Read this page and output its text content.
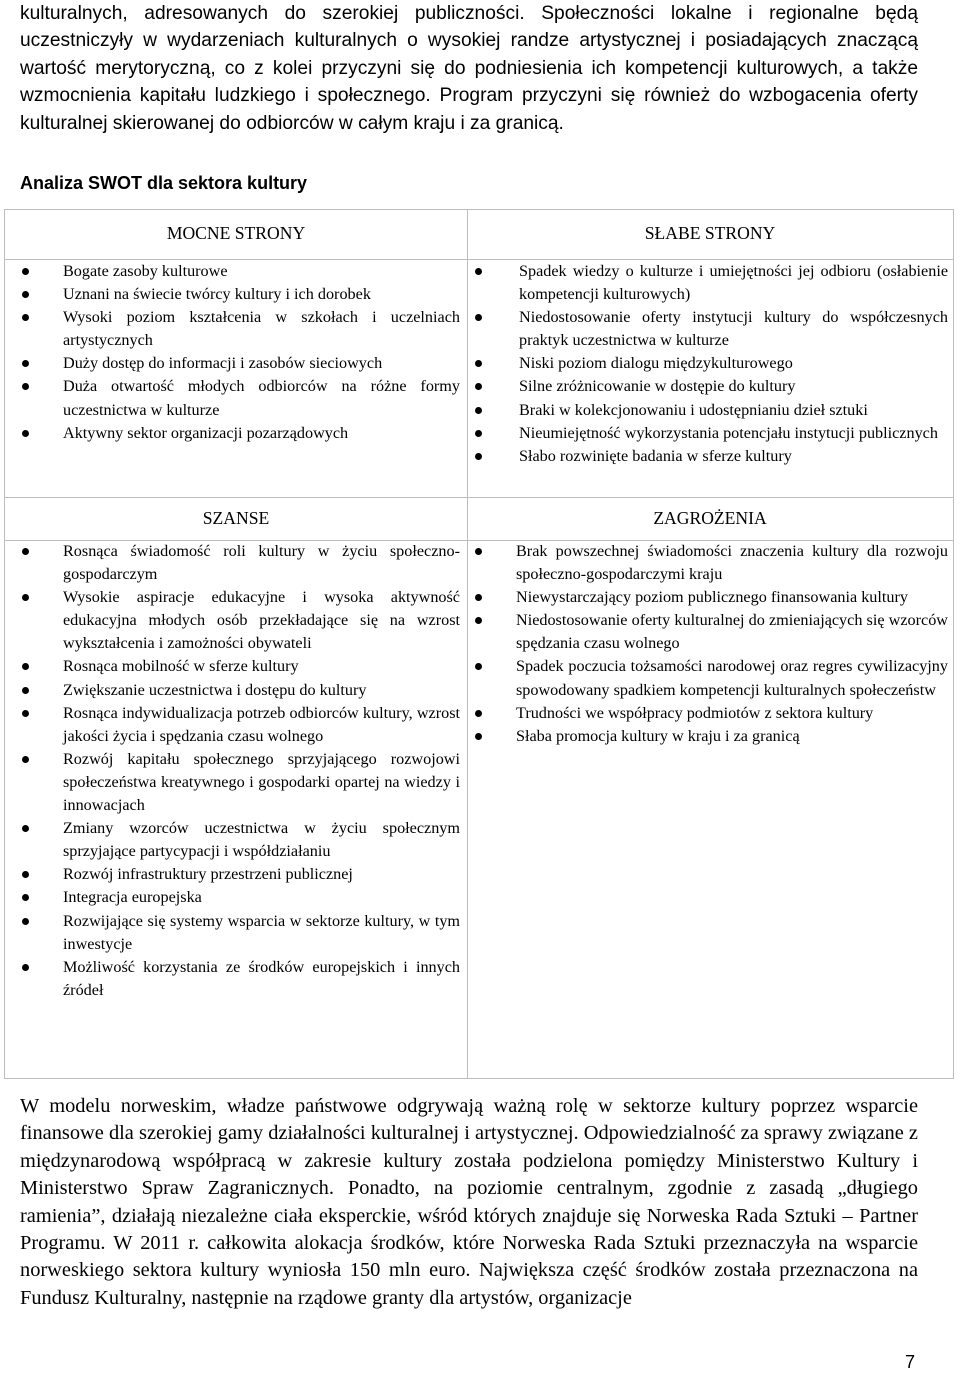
kulturalnych, adresowanych do szerokiej publiczności. Społeczności lokalne i regionalne będą uczestniczyły w wydarzeniach kulturalnych o wysokiej randze artystycznej i posiadających znaczącą wartość merytoryczną, co z kolei przyczyni się do podniesienia ich kompetencji kulturowych, a także wzmocnienia kapitału ludzkiego i społecznego. Program przyczyni się również do wzbogacenia oferty kulturalnej skierowanej do odbiorców w całym kraju i za granicą.

Analiza SWOT dla sektora kultury
MOCNE STRONY	SŁABE STRONY
Bogate zasoby kulturowe
Uznani na świecie twórcy kultury i ich dorobek
Wysoki poziom kształcenia w szkołach i uczelniach artystycznych
Duży dostęp do informacji i zasobów sieciowych
Duża otwartość młodych odbiorców na różne formy uczestnictwa w kulturze
Aktywny sektor organizacji pozarządowych
Spadek wiedzy o kulturze i umiejętności jej odbioru (osłabienie kompetencji kulturowych)
Niedostosowanie oferty instytucji kultury do współczesnych praktyk uczestnictwa w kulturze
Niski poziom dialogu międzykulturowego
Silne zróżnicowanie w dostępie do kultury
Braki w kolekcjonowaniu i udostępnianiu dzieł sztuki
Nieumiejętność wykorzystania potencjału instytucji publicznych
Słabo rozwinięte badania w sferze kultury
SZANSE	ZAGROŻENIA
Rosnąca świadomość roli kultury w życiu społeczno-gospodarczym
Wysokie aspiracje edukacyjne i wysoka aktywność edukacyjna młodych osób przekładające się na wzrost wykształcenia i zamożności obywateli
Rosnąca mobilność w sferze kultury
Zwiększanie uczestnictwa i dostępu do kultury
Rosnąca indywidualizacja potrzeb odbiorców kultury, wzrost jakości życia i spędzania czasu wolnego
Rozwój kapitału społecznego sprzyjającego rozwojowi społeczeństwa kreatywnego i gospodarki opartej na wiedzy i innowacjach
Zmiany wzorców uczestnictwa w życiu społecznym sprzyjające partycypacji i współdziałaniu
Rozwój infrastruktury przestrzeni publicznej
Integracja europejska
Rozwijające się systemy wsparcia w sektorze kultury, w tym inwestycje
Możliwość korzystania ze środków europejskich i innych źródeł
Brak powszechnej świadomości znaczenia kultury dla rozwoju społeczno-gospodarczymi kraju
Niewystarczający poziom publicznego finansowania kultury
Niedostosowanie oferty kulturalnej do zmieniających się wzorców spędzania czasu wolnego
Spadek poczucia tożsamości narodowej oraz regres cywilizacyjny spowodowany spadkiem kompetencji kulturalnych społeczeństw
Trudności we współpracy podmiotów z sektora kultury
Słaba promocja kultury w kraju i za granicą

W modelu norweskim, władze państwowe odgrywają ważną rolę w sektorze kultury poprzez wsparcie finansowe dla szerokiej gamy działalności kulturalnej i artystycznej. Odpowiedzialność za sprawy związane z międzynarodową współpracą w zakresie kultury została podzielona pomiędzy Ministerstwo Kultury i Ministerstwo Spraw Zagranicznych. Ponadto, na poziomie centralnym, zgodnie z zasadą „długiego ramienia”, działają niezależne ciała eksperckie, wśród których znajduje się Norweska Rada Sztuki – Partner Programu. W 2011 r. całkowita alokacja środków, które Norweska Rada Sztuki przeznaczyła na wsparcie norweskiego sektora kultury wyniosła 150 mln euro. Największa część środków została przeznaczona na Fundusz Kulturalny, następnie na rządowe granty dla artystów, organizacje

7
